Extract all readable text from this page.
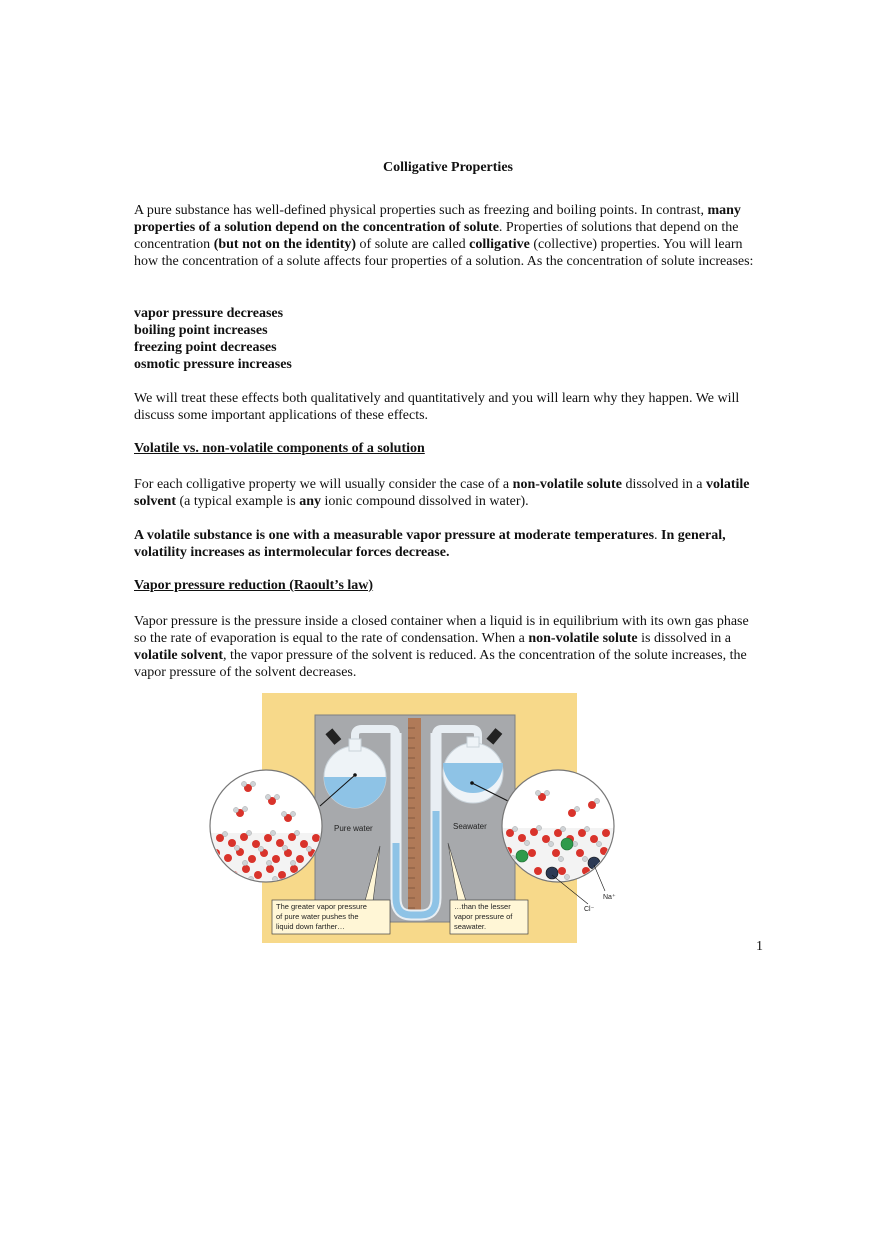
Colligative Properties
A pure substance has well-defined physical properties such as freezing and boiling points. In contrast, many properties of a solution depend on the concentration of solute. Properties of solutions that depend on the concentration (but not on the identity) of solute are called colligative (collective) properties. You will learn how the concentration of a solute affects four properties of a solution. As the concentration of solute increases:
vapor pressure decreases
boiling point increases
freezing point decreases
osmotic pressure increases
We will treat these effects both qualitatively and quantitatively and you will learn why they happen. We will discuss some important applications of these effects.
Volatile vs. non-volatile components of a solution
For each colligative property we will usually consider the case of a non-volatile solute dissolved in a volatile solvent (a typical example is any ionic compound dissolved in water).
A volatile substance is one with a measurable vapor pressure at moderate temperatures. In general, volatility increases as intermolecular forces decrease.
Vapor pressure reduction (Raoult’s law)
Vapor pressure is the pressure inside a closed container when a liquid is in equilibrium with its own gas phase so the rate of evaporation is equal to the rate of condensation. When a non-volatile solute is dissolved in a volatile solvent, the vapor pressure of the solvent is reduced. As the concentration of the solute increases, the vapor pressure of the solvent decreases.
Pure water	Seawater
Na⁺
Cl⁻
The greater vapor pressure
of pure water pushes the
liquid down farther…
…than the lesser
vapor pressure of
seawater.
1
